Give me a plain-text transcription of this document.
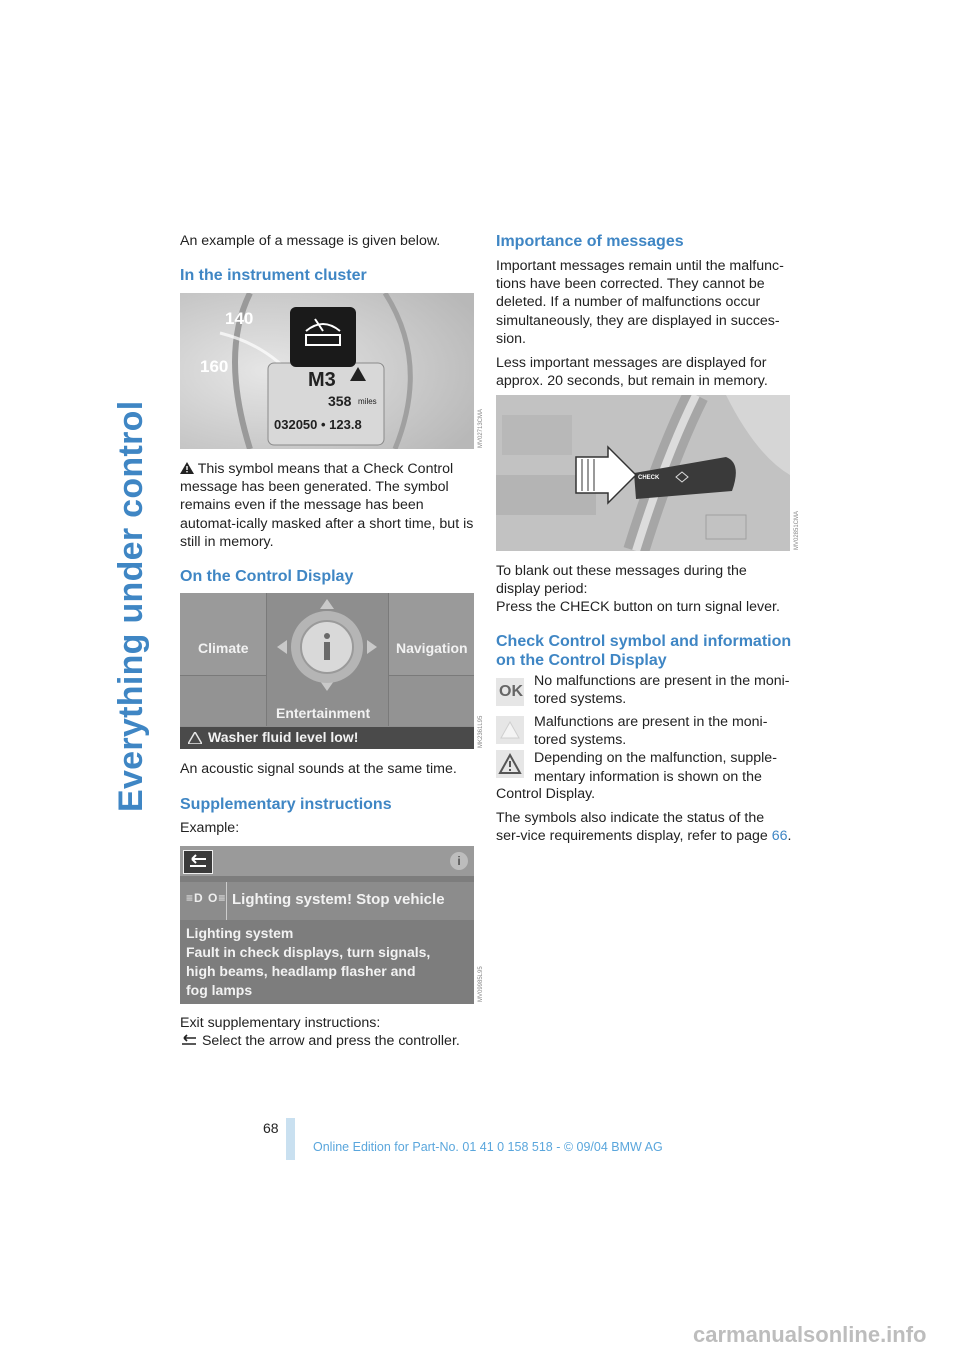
Everything under control

An example of a message is given below.

In the instrument cluster
140
160
M3
358 miles
032050 • 123.8	MV02713CMA

This symbol means that a Check Control message has been generated. The symbol remains even if the message has been automat-ically masked after a short time, but is still in memory.

On the Control Display
Climate	Navigation
Entertainment
Washer fluid level low!	MK2361L95

An acoustic signal sounds at the same time.

Supplementary instructions

Example:

i
≡D O≡ Lighting system! Stop vehicle
Lighting system
Fault in check displays, turn signals,
high beams, headlamp flasher and
fog lamps	MV09985L95

Exit supplementary instructions:

Select the arrow and press the controller.

Importance of messages

Important messages remain until the malfunc-tions have been corrected. They cannot be deleted. If a number of malfunctions occur simultaneously, they are displayed in succes-sion.

Less important messages are displayed for approx. 20 seconds, but remain in memory.

CHECK
MV02851CMA

To blank out these messages during the display period:

Press the CHECK button on turn signal lever.

Check Control symbol and information on the Control Display
OK

No malfunctions are present in the moni-tored systems.

Malfunctions are present in the moni-tored systems.

Depending on the malfunction, supple-mentary information is shown on the

Control Display.

The symbols also indicate the status of the ser-vice requirements display, refer to page 66.

68
Online Edition for Part-No. 01 41 0 158 518 - © 09/04 BMW AG
carmanualsonline.info
